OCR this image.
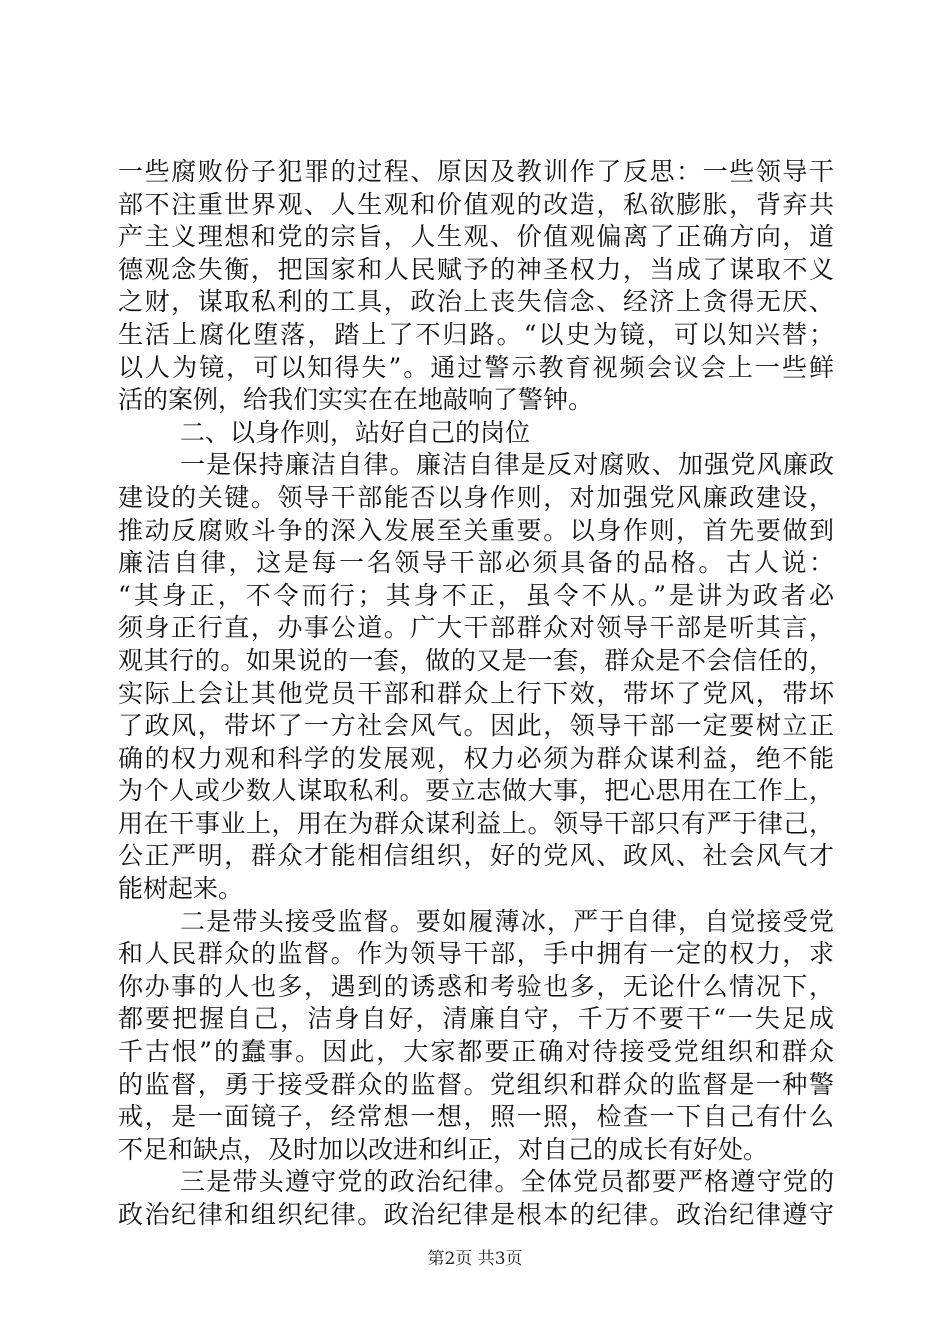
一些腐败份子犯罪的过程、原因及教训作了反思：一些领导干
部不注重世界观、人生观和价值观的改造，私欲膨胀，背弃共
产主义理想和党的宗旨，人生观、价值观偏离了正确方向，道
德观念失衡，把国家和人民赋予的神圣权力，当成了谋取不义
之财，谋取私利的工具，政治上丧失信念、经济上贪得无厌、
生活上腐化堕落，踏上了不归路。“以史为镜，可以知兴替；
以人为镜，可以知得失”。通过警示教育视频会议会上一些鲜
活的案例，给我们实实在在地敲响了警钟。
二、以身作则，站好自己的岗位
一是保持廉洁自律。廉洁自律是反对腐败、加强党风廉政
建设的关键。领导干部能否以身作则，对加强党风廉政建设，
推动反腐败斗争的深入发展至关重要。以身作则，首先要做到
廉洁自律，这是每一名领导干部必须具备的品格。古人说：
“其身正，不令而行；其身不正，虽令不从。”是讲为政者必
须身正行直，办事公道。广大干部群众对领导干部是听其言，
观其行的。如果说的一套，做的又是一套，群众是不会信任的，
实际上会让其他党员干部和群众上行下效，带坏了党风，带坏
了政风，带坏了一方社会风气。因此，领导干部一定要树立正
确的权力观和科学的发展观，权力必须为群众谋利益，绝不能
为个人或少数人谋取私利。要立志做大事，把心思用在工作上，
用在干事业上，用在为群众谋利益上。领导干部只有严于律己，
公正严明，群众才能相信组织，好的党风、政风、社会风气才
能树起来。
二是带头接受监督。要如履薄冰，严于自律，自觉接受党
和人民群众的监督。作为领导干部，手中拥有一定的权力，求
你办事的人也多，遇到的诱惑和考验也多，无论什么情况下，
都要把握自己，洁身自好，清廉自守，千万不要干“一失足成
千古恨”的蠢事。因此，大家都要正确对待接受党组织和群众
的监督，勇于接受群众的监督。党组织和群众的监督是一种警
戒，是一面镜子，经常想一想，照一照，检查一下自己有什么
不足和缺点，及时加以改进和纠正，对自己的成长有好处。
三是带头遵守党的政治纪律。全体党员都要严格遵守党的
政治纪律和组织纪律。政治纪律是根本的纪律。政治纪律遵守
第2页 共3页
